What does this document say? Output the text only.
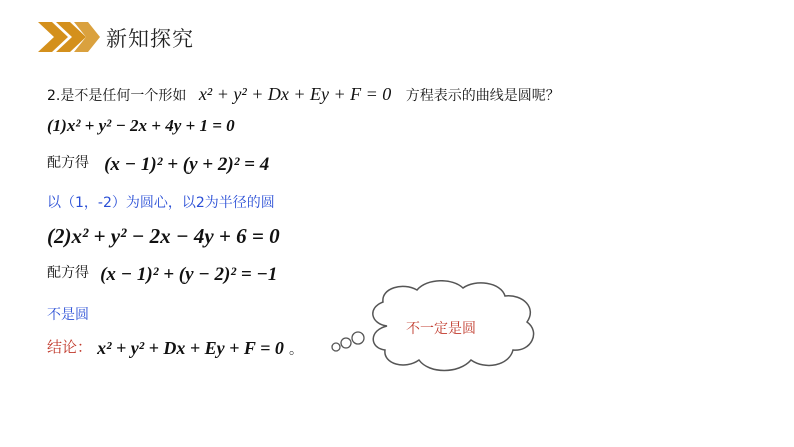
新知探究
2.是不是任何一个形如 x² + y² + Dx + Ey + F = 0 方程表示的曲线是圆呢？
(1)x² + y² − 2x + 4y + 1 = 0
配方得 (x − 1)² + (y + 2)² = 4
以（1，-2）为圆心，以2为半径的圆
(2)x² + y² − 2x − 4y + 6 = 0
配方得 (x − 1)² + (y − 2)² = −1
不是圆
结论： x² + y² + Dx + Ey + F = 0 。
不一定是圆
